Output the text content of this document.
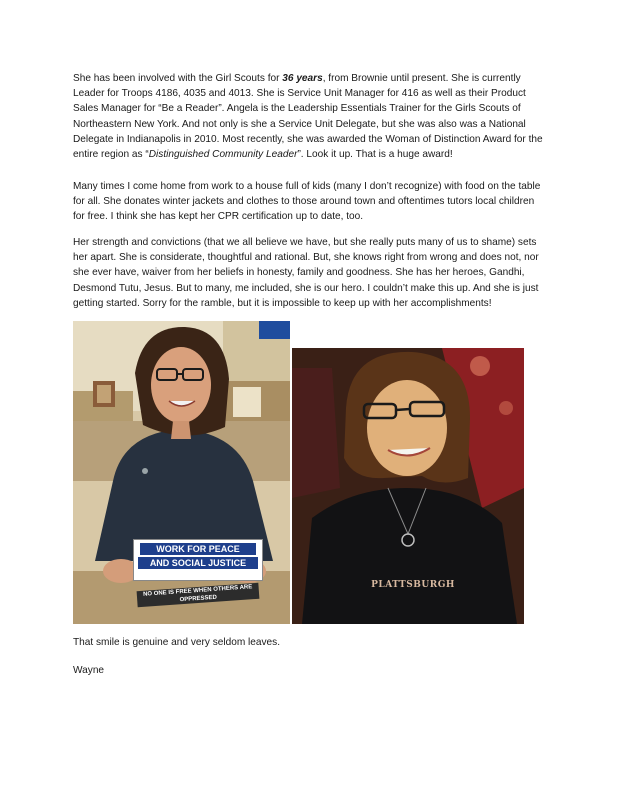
She has been involved with the Girl Scouts for 36 years, from Brownie until present. She is currently Leader for Troops 4186, 4035 and 4013. She is Service Unit Manager for 416 as well as their Product Sales Manager for “Be a Reader”. Angela is the Leadership Essentials Trainer for the Girls Scouts of Northeastern New York. And not only is she a Service Unit Delegate, but she was also was a National Delegate in Indianapolis in 2010. Most recently, she was awarded the Woman of Distinction Award for the entire region as “Distinguished Community Leader”. Look it up. That is a huge award!

Many times I come home from work to a house full of kids (many I don’t recognize) with food on the table for all. She donates winter jackets and clothes to those around town and oftentimes tutors local children for free. I think she has kept her CPR certification up to date, too.

Her strength and convictions (that we all believe we have, but she really puts many of us to shame) sets her apart. She is considerate, thoughtful and rational. But, she knows right from wrong and does not, nor she ever have, waiver from her beliefs in honesty, family and goodness. She has her heroes, Gandhi, Desmond Tutu, Jesus. But to many, me included, she is our hero. I couldn’t make this up. And she is just getting started. Sorry for the ramble, but it is impossible to keep up with her accomplishments!

WORK FOR PEACE
AND SOCIAL JUSTICE
NO ONE IS FREE WHEN OTHERS ARE OPPRESSED
PLATTSBURGH
That smile is genuine and very seldom leaves.
Wayne
